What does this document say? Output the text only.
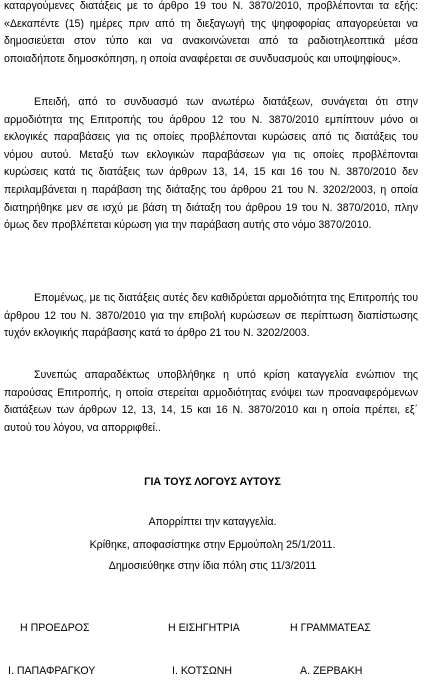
καταργούμενες διατάξεις με το άρθρο 19 του Ν. 3870/2010, προβλέπονται τα εξής: «Δεκαπέντε (15) ημέρες πριν από τη διεξαγωγή της ψηφοφορίας απαγορεύεται να δημοσιεύεται στον τύπο και να ανακοινώνεται από τα ραδιοτηλεοπτικά μέσα οποιαδήποτε δημοσκόπηση, η οποία αναφέρεται σε συνδυασμούς και υποψηφίους».

Επειδή, από το συνδυασμό των ανωτέρω διατάξεων, συνάγεται ότι στην αρμοδιότητα της Επιτροπής του άρθρου 12 του Ν. 3870/2010 εμπίπτουν μόνο οι εκλογικές παραβάσεις για τις οποίες προβλέπονται κυρώσεις από τις διατάξεις του νόμου αυτού. Μεταξύ των εκλογικών παραβάσεων για τις οποίες προβλέπονται κυρώσεις κατά τις διατάξεις των άρθρων 13, 14, 15 και 16 του Ν. 3870/2010 δεν περιλαμβάνεται η παράβαση της διάταξης του άρθρου 21 του Ν. 3202/2003, η οποία διατηρήθηκε μεν σε ισχύ με βάση τη διάταξη του άρθρου 19 του Ν. 3870/2010, πλην όμως δεν προβλέπεται κύρωση για την παράβαση αυτής στο νόμο 3870/2010.

Επομένως, με τις διατάξεις αυτές δεν καθιδρύεται αρμοδιότητα της Επιτροπής του άρθρου 12 του Ν. 3870/2010 για την επιβολή κυρώσεων σε περίπτωση διαπίστωσης τυχόν εκλογικής παράβασης κατά το άρθρο 21 του Ν. 3202/2003.

Συνεπώς απαραδέκτως υποβλήθηκε η υπό κρίση καταγγελία ενώπιον της παρούσας Επιτροπής, η οποία στερείται αρμοδιότητας ενόψει των προαναφερόμενων διατάξεων των άρθρων 12, 13, 14, 15 και 16 Ν. 3870/2010 και η οποία πρέπει, εξ΄ αυτού του λόγου, να απορριφθεί..

ΓΙΑ ΤΟΥΣ ΛΟΓΟΥΣ ΑΥΤΟΥΣ

Απορρίπτει την καταγγελία.

Κρίθηκε, αποφασίστηκε στην Ερμούπολη 25/1/2011.

Δημοσιεύθηκε στην ίδια πόλη στις 11/3/2011

Η ΠΡΟΕΔΡΟΣ	Η ΕΙΣΗΓΗΤΡΙΑ	Η ΓΡΑΜΜΑΤΕΑΣ

Ι. ΠΑΠΑΦΡΑΓΚΟΥ	Ι. ΚΟΤΣΩΝΗ	Α. ΖΕΡΒΑΚΗ
